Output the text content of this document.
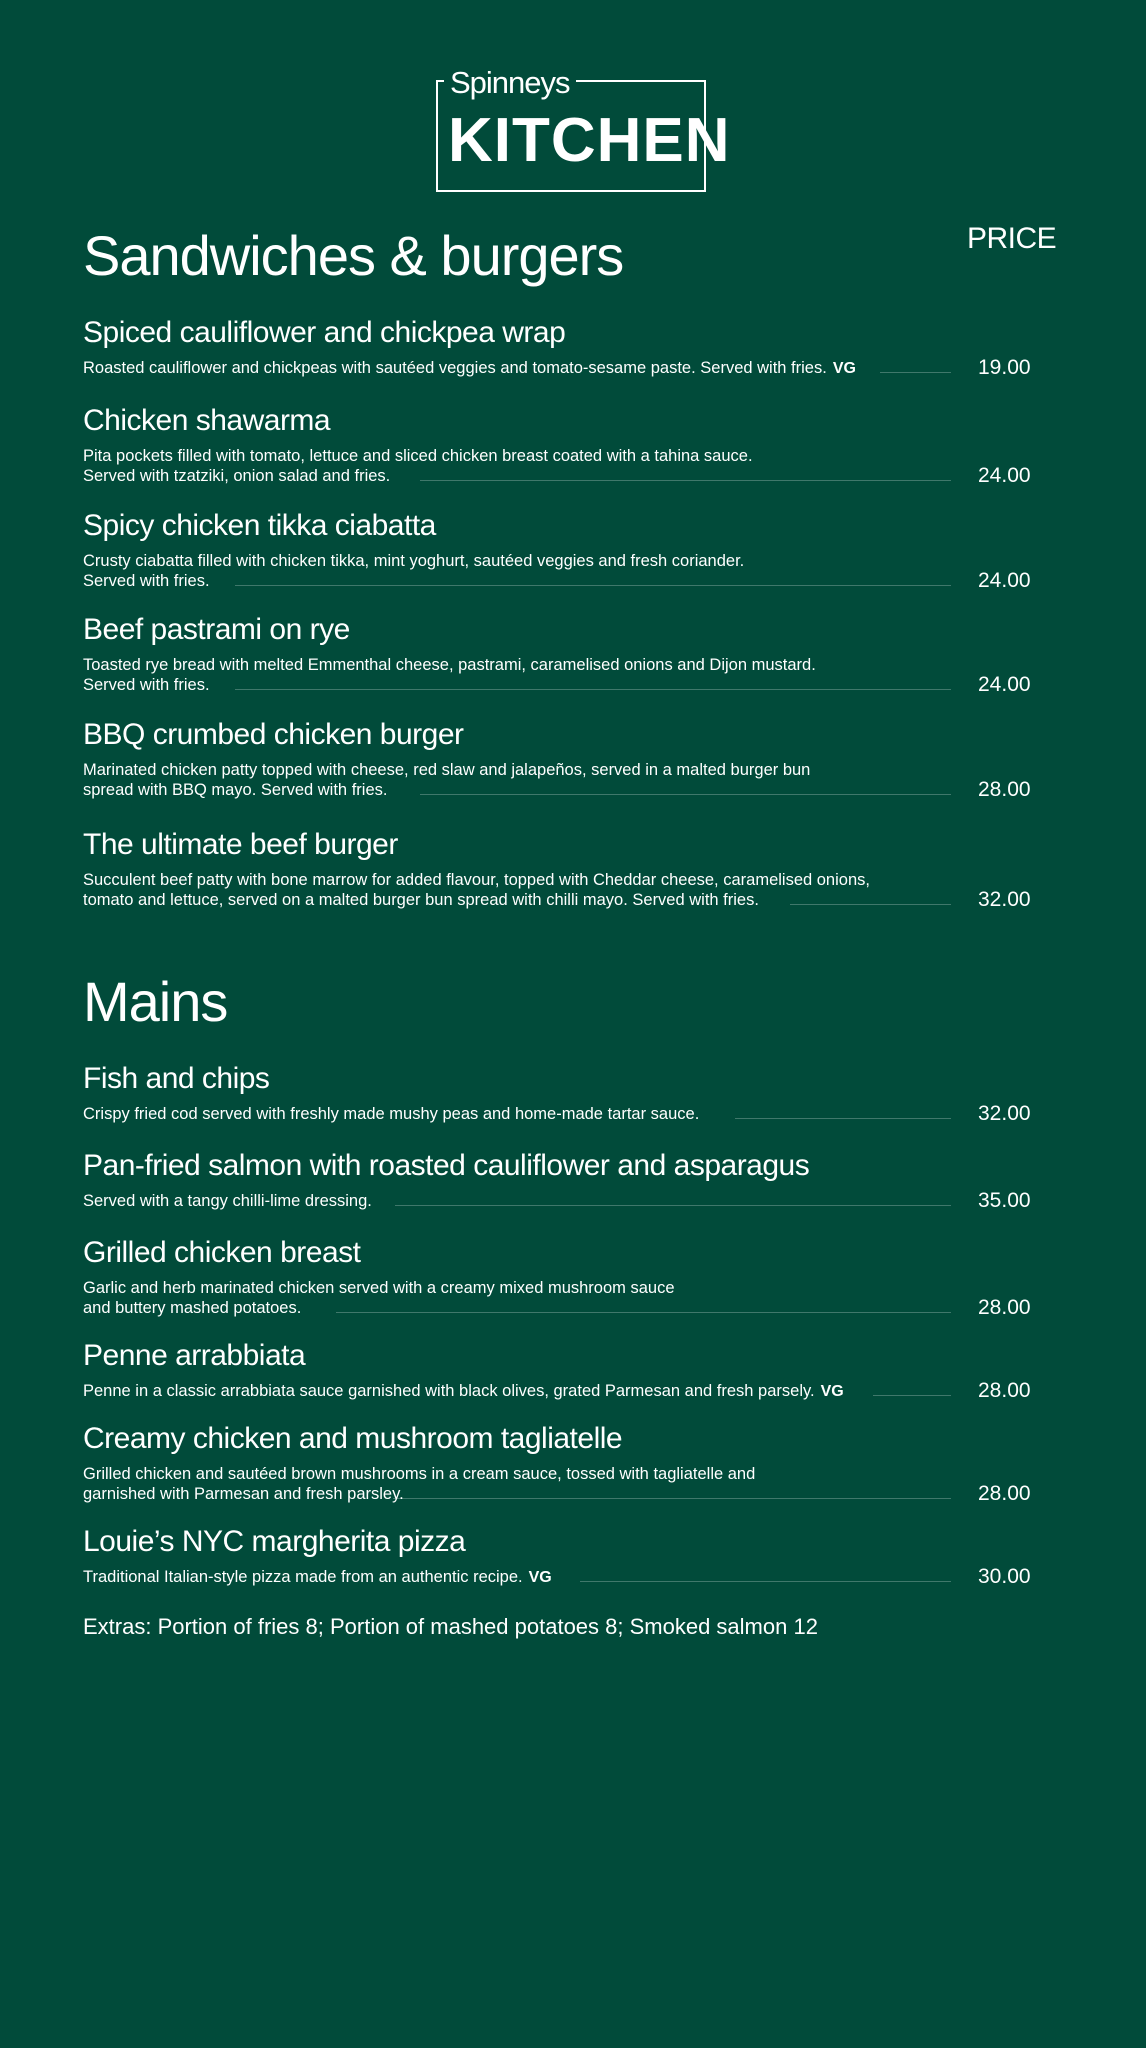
Spinneys
KITCHEN
PRICE
Sandwiches & burgers
Mains
Spiced cauliflower and chickpea wrap
Roasted cauliflower and chickpeas with sautéed veggies and tomato-sesame paste. Served with fries. VG	19.00
Chicken shawarma
Pita pockets filled with tomato, lettuce and sliced chicken breast coated with a tahina sauce.
Served with tzatziki, onion salad and fries.	24.00
Spicy chicken tikka ciabatta
Crusty ciabatta filled with chicken tikka, mint yoghurt, sautéed veggies and fresh coriander.
Served with fries.	24.00
Beef pastrami on rye
Toasted rye bread with melted Emmenthal cheese, pastrami, caramelised onions and Dijon mustard.
Served with fries.	24.00
BBQ crumbed chicken burger
Marinated chicken patty topped with cheese, red slaw and jalapeños, served in a malted burger bun
spread with BBQ mayo. Served with fries.	28.00
The ultimate beef burger
Succulent beef patty with bone marrow for added flavour, topped with Cheddar cheese, caramelised onions,
tomato and lettuce, served on a malted burger bun spread with chilli mayo. Served with fries.	32.00
Fish and chips
Crispy fried cod served with freshly made mushy peas and home-made tartar sauce.	32.00
Pan-fried salmon with roasted cauliflower and asparagus
Served with a tangy chilli-lime dressing.	35.00
Grilled chicken breast
Garlic and herb marinated chicken served with a creamy mixed mushroom sauce
and buttery mashed potatoes.	28.00
Penne arrabbiata
Penne in a classic arrabbiata sauce garnished with black olives, grated Parmesan and fresh parsely. VG	28.00
Creamy chicken and mushroom tagliatelle
Grilled chicken and sautéed brown mushrooms in a cream sauce, tossed with tagliatelle and
garnished with Parmesan and fresh parsley.	28.00
Louie’s NYC margherita pizza
Traditional Italian-style pizza made from an authentic recipe. VG	30.00
Extras: Portion of fries 8; Portion of mashed potatoes 8; Smoked salmon 12
